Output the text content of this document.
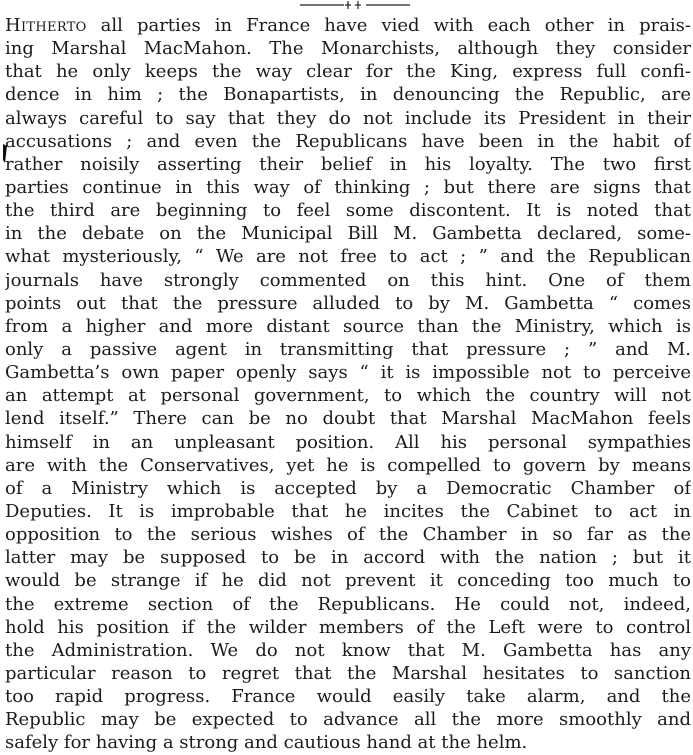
Hitherto all parties in France have vied with each other in prais-
ing Marshal MacMahon. The Monarchists, although they consider
that he only keeps the way clear for the King, express full confi-
dence in him ; the Bonapartists, in denouncing the Republic, are
always careful to say that they do not include its President in their
accusations ; and even the Republicans have been in the habit of
rather noisily asserting their belief in his loyalty. The two first
parties continue in this way of thinking ; but there are signs that
the third are beginning to feel some discontent. It is noted that
in the debate on the Municipal Bill M. Gambetta declared, some-
what mysteriously, “ We are not free to act ; ” and the Republican
journals have strongly commented on this hint. One of them
points out that the pressure alluded to by M. Gambetta “ comes
from a higher and more distant source than the Ministry, which is
only a passive agent in transmitting that pressure ; ” and M.
Gambetta’s own paper openly says “ it is impossible not to perceive
an attempt at personal government, to which the country will not
lend itself.” There can be no doubt that Marshal MacMahon feels
himself in an unpleasant position. All his personal sympathies
are with the Conservatives, yet he is compelled to govern by means
of a Ministry which is accepted by a Democratic Chamber of
Deputies. It is improbable that he incites the Cabinet to act in
opposition to the serious wishes of the Chamber in so far as the
latter may be supposed to be in accord with the nation ; but it
would be strange if he did not prevent it conceding too much to
the extreme section of the Republicans. He could not, indeed,
hold his position if the wilder members of the Left were to control
the Administration. We do not know that M. Gambetta has any
particular reason to regret that the Marshal hesitates to sanction
too rapid progress. France would easily take alarm, and the
Republic may be expected to advance all the more smoothly and
safely for having a strong and cautious hand at the helm.
